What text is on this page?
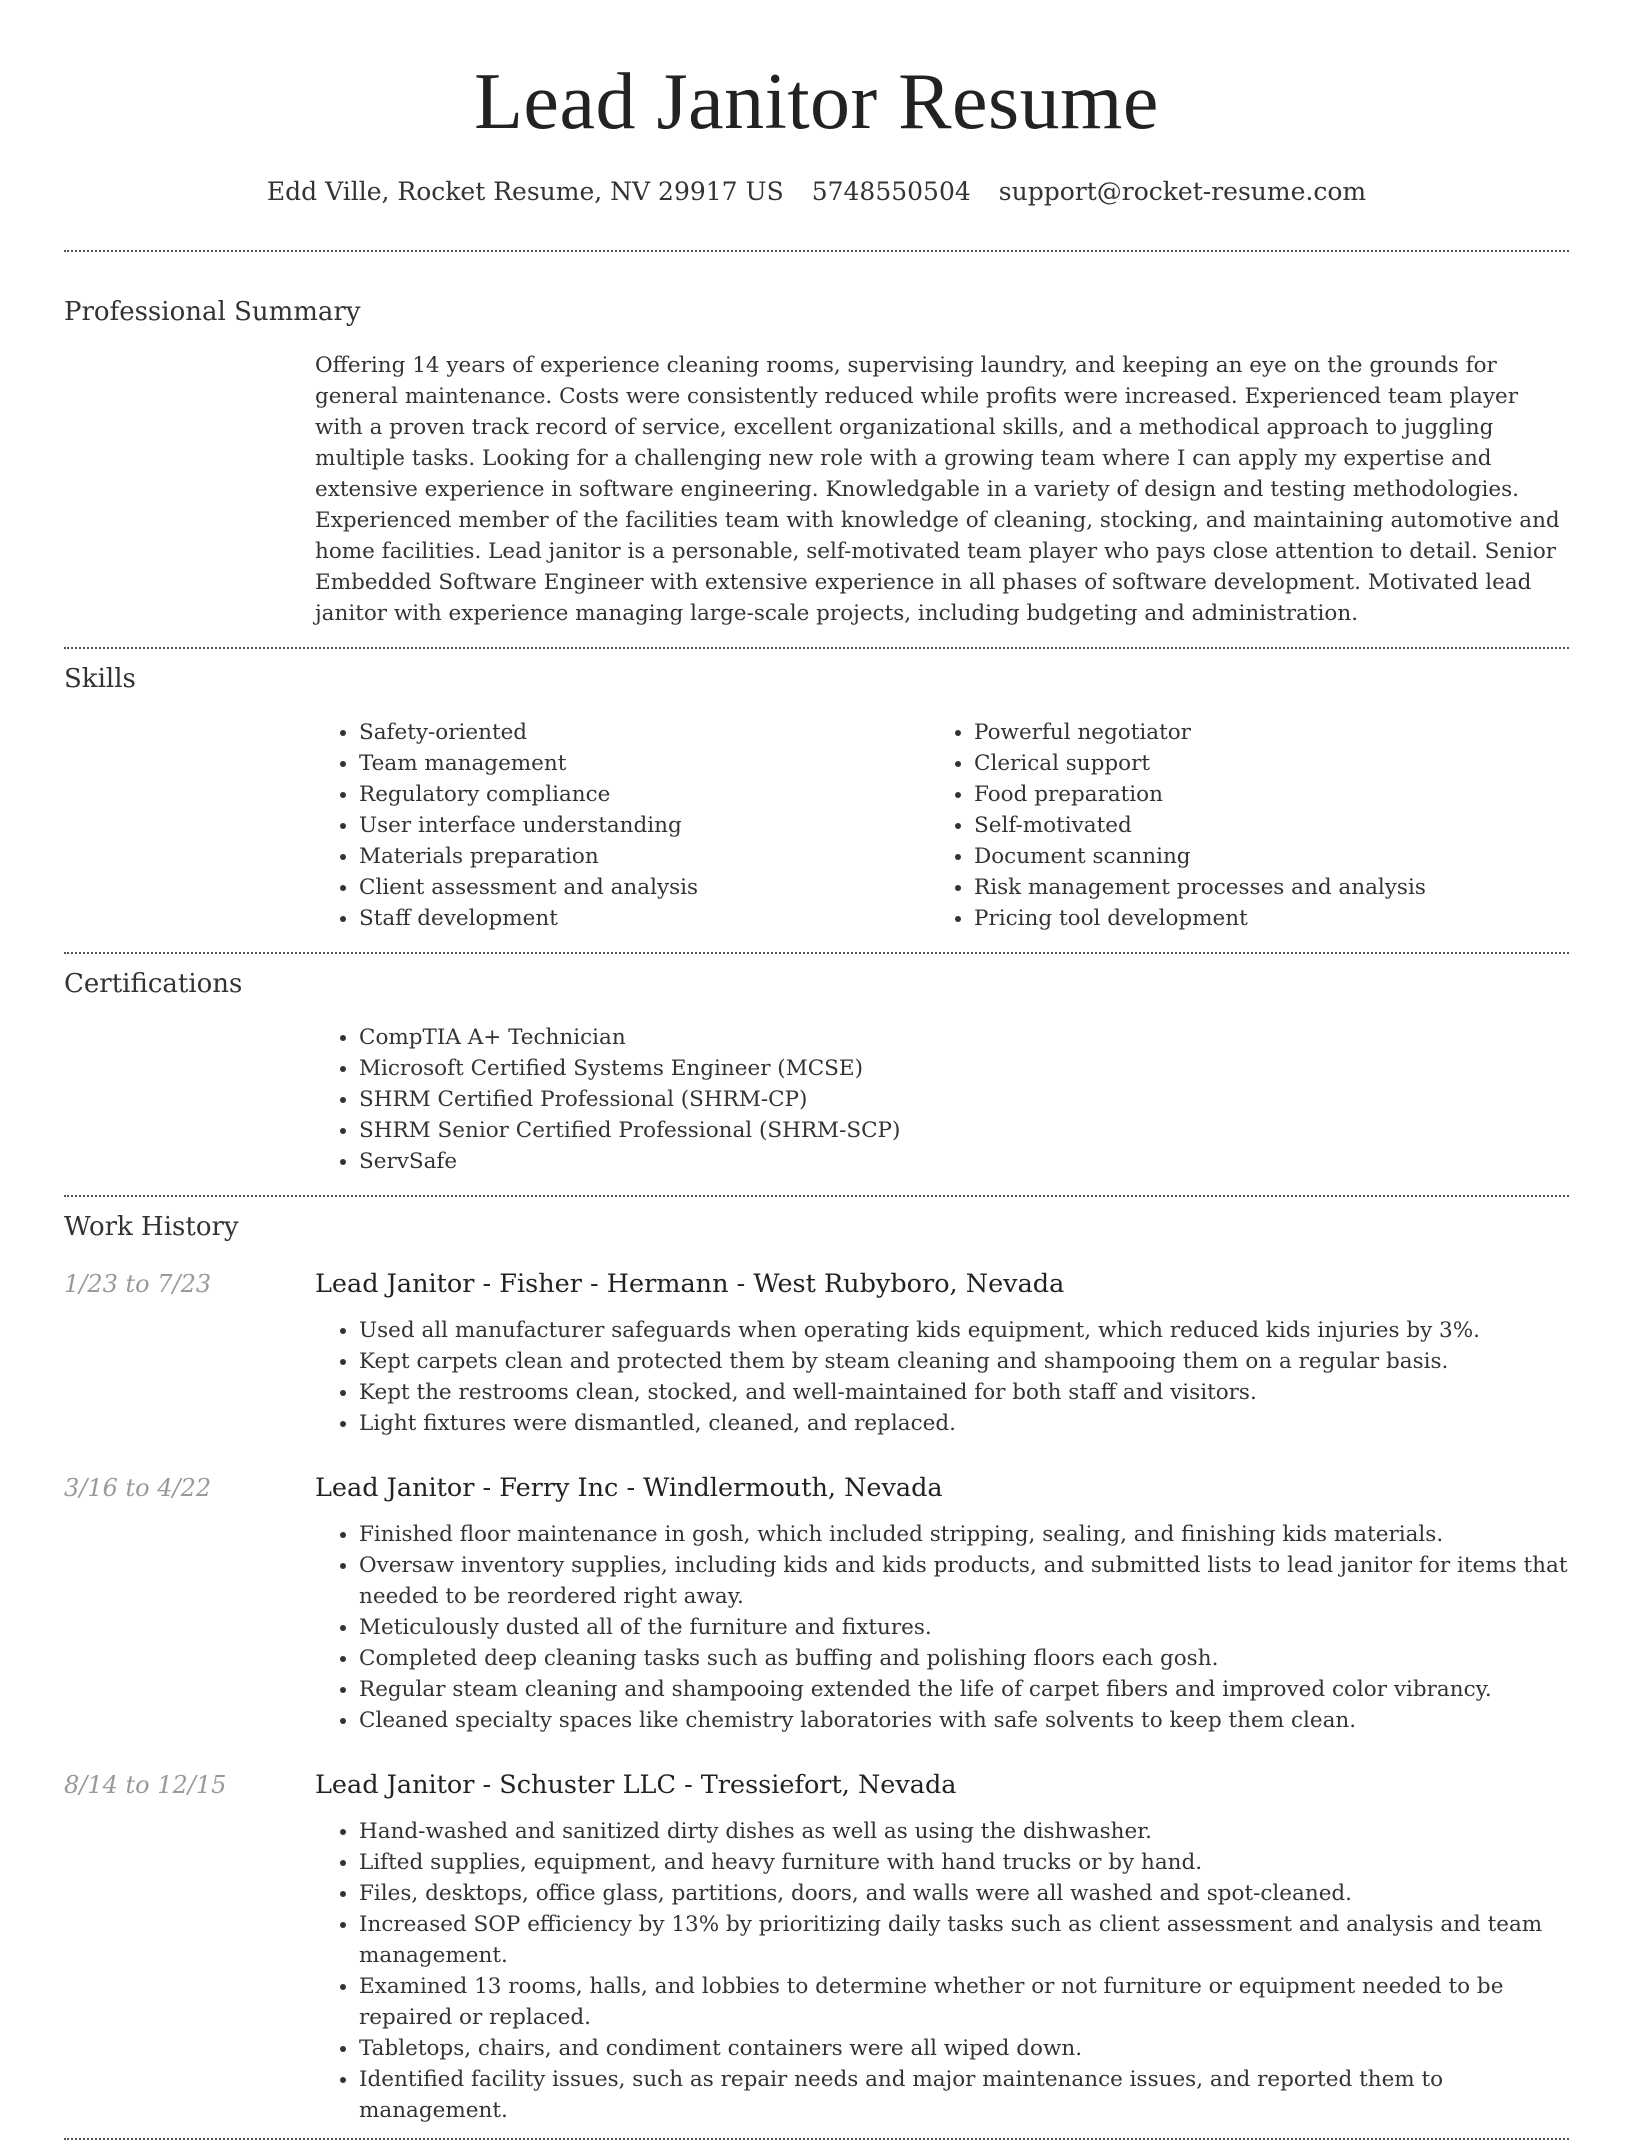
Lead Janitor Resume
Edd Ville, Rocket Resume, NV 29917 US 5748550504 support@rocket-resume.com
Professional Summary
Offering 14 years of experience cleaning rooms, supervising laundry, and keeping an eye on the grounds for general maintenance. Costs were consistently reduced while profits were increased. Experienced team player with a proven track record of service, excellent organizational skills, and a methodical approach to juggling multiple tasks. Looking for a challenging new role with a growing team where I can apply my expertise and extensive experience in software engineering. Knowledgable in a variety of design and testing methodologies. Experienced member of the facilities team with knowledge of cleaning, stocking, and maintaining automotive and home facilities. Lead janitor is a personable, self-motivated team player who pays close attention to detail. Senior Embedded Software Engineer with extensive experience in all phases of software development. Motivated lead janitor with experience managing large-scale projects, including budgeting and administration.
Skills
• Safety-oriented
• Team management
• Regulatory compliance
• User interface understanding
• Materials preparation
• Client assessment and analysis
• Staff development
• Powerful negotiator
• Clerical support
• Food preparation
• Self-motivated
• Document scanning
• Risk management processes and analysis
• Pricing tool development
Certifications
• CompTIA A+ Technician
• Microsoft Certified Systems Engineer (MCSE)
• SHRM Certified Professional (SHRM-CP)
• SHRM Senior Certified Professional (SHRM-SCP)
• ServSafe
Work History
1/23 to 7/23	Lead Janitor - Fisher - Hermann - West Rubyboro, Nevada
• Used all manufacturer safeguards when operating kids equipment, which reduced kids injuries by 3%.
• Kept carpets clean and protected them by steam cleaning and shampooing them on a regular basis.
• Kept the restrooms clean, stocked, and well-maintained for both staff and visitors.
• Light fixtures were dismantled, cleaned, and replaced.
3/16 to 4/22	Lead Janitor - Ferry Inc - Windlermouth, Nevada
• Finished floor maintenance in gosh, which included stripping, sealing, and finishing kids materials.
• Oversaw inventory supplies, including kids and kids products, and submitted lists to lead janitor for items that needed to be reordered right away.
• Meticulously dusted all of the furniture and fixtures.
• Completed deep cleaning tasks such as buffing and polishing floors each gosh.
• Regular steam cleaning and shampooing extended the life of carpet fibers and improved color vibrancy.
• Cleaned specialty spaces like chemistry laboratories with safe solvents to keep them clean.
8/14 to 12/15	Lead Janitor - Schuster LLC - Tressiefort, Nevada
• Hand-washed and sanitized dirty dishes as well as using the dishwasher.
• Lifted supplies, equipment, and heavy furniture with hand trucks or by hand.
• Files, desktops, office glass, partitions, doors, and walls were all washed and spot-cleaned.
• Increased SOP efficiency by 13% by prioritizing daily tasks such as client assessment and analysis and team management.
• Examined 13 rooms, halls, and lobbies to determine whether or not furniture or equipment needed to be repaired or replaced.
• Tabletops, chairs, and condiment containers were all wiped down.
• Identified facility issues, such as repair needs and major maintenance issues, and reported them to management.
